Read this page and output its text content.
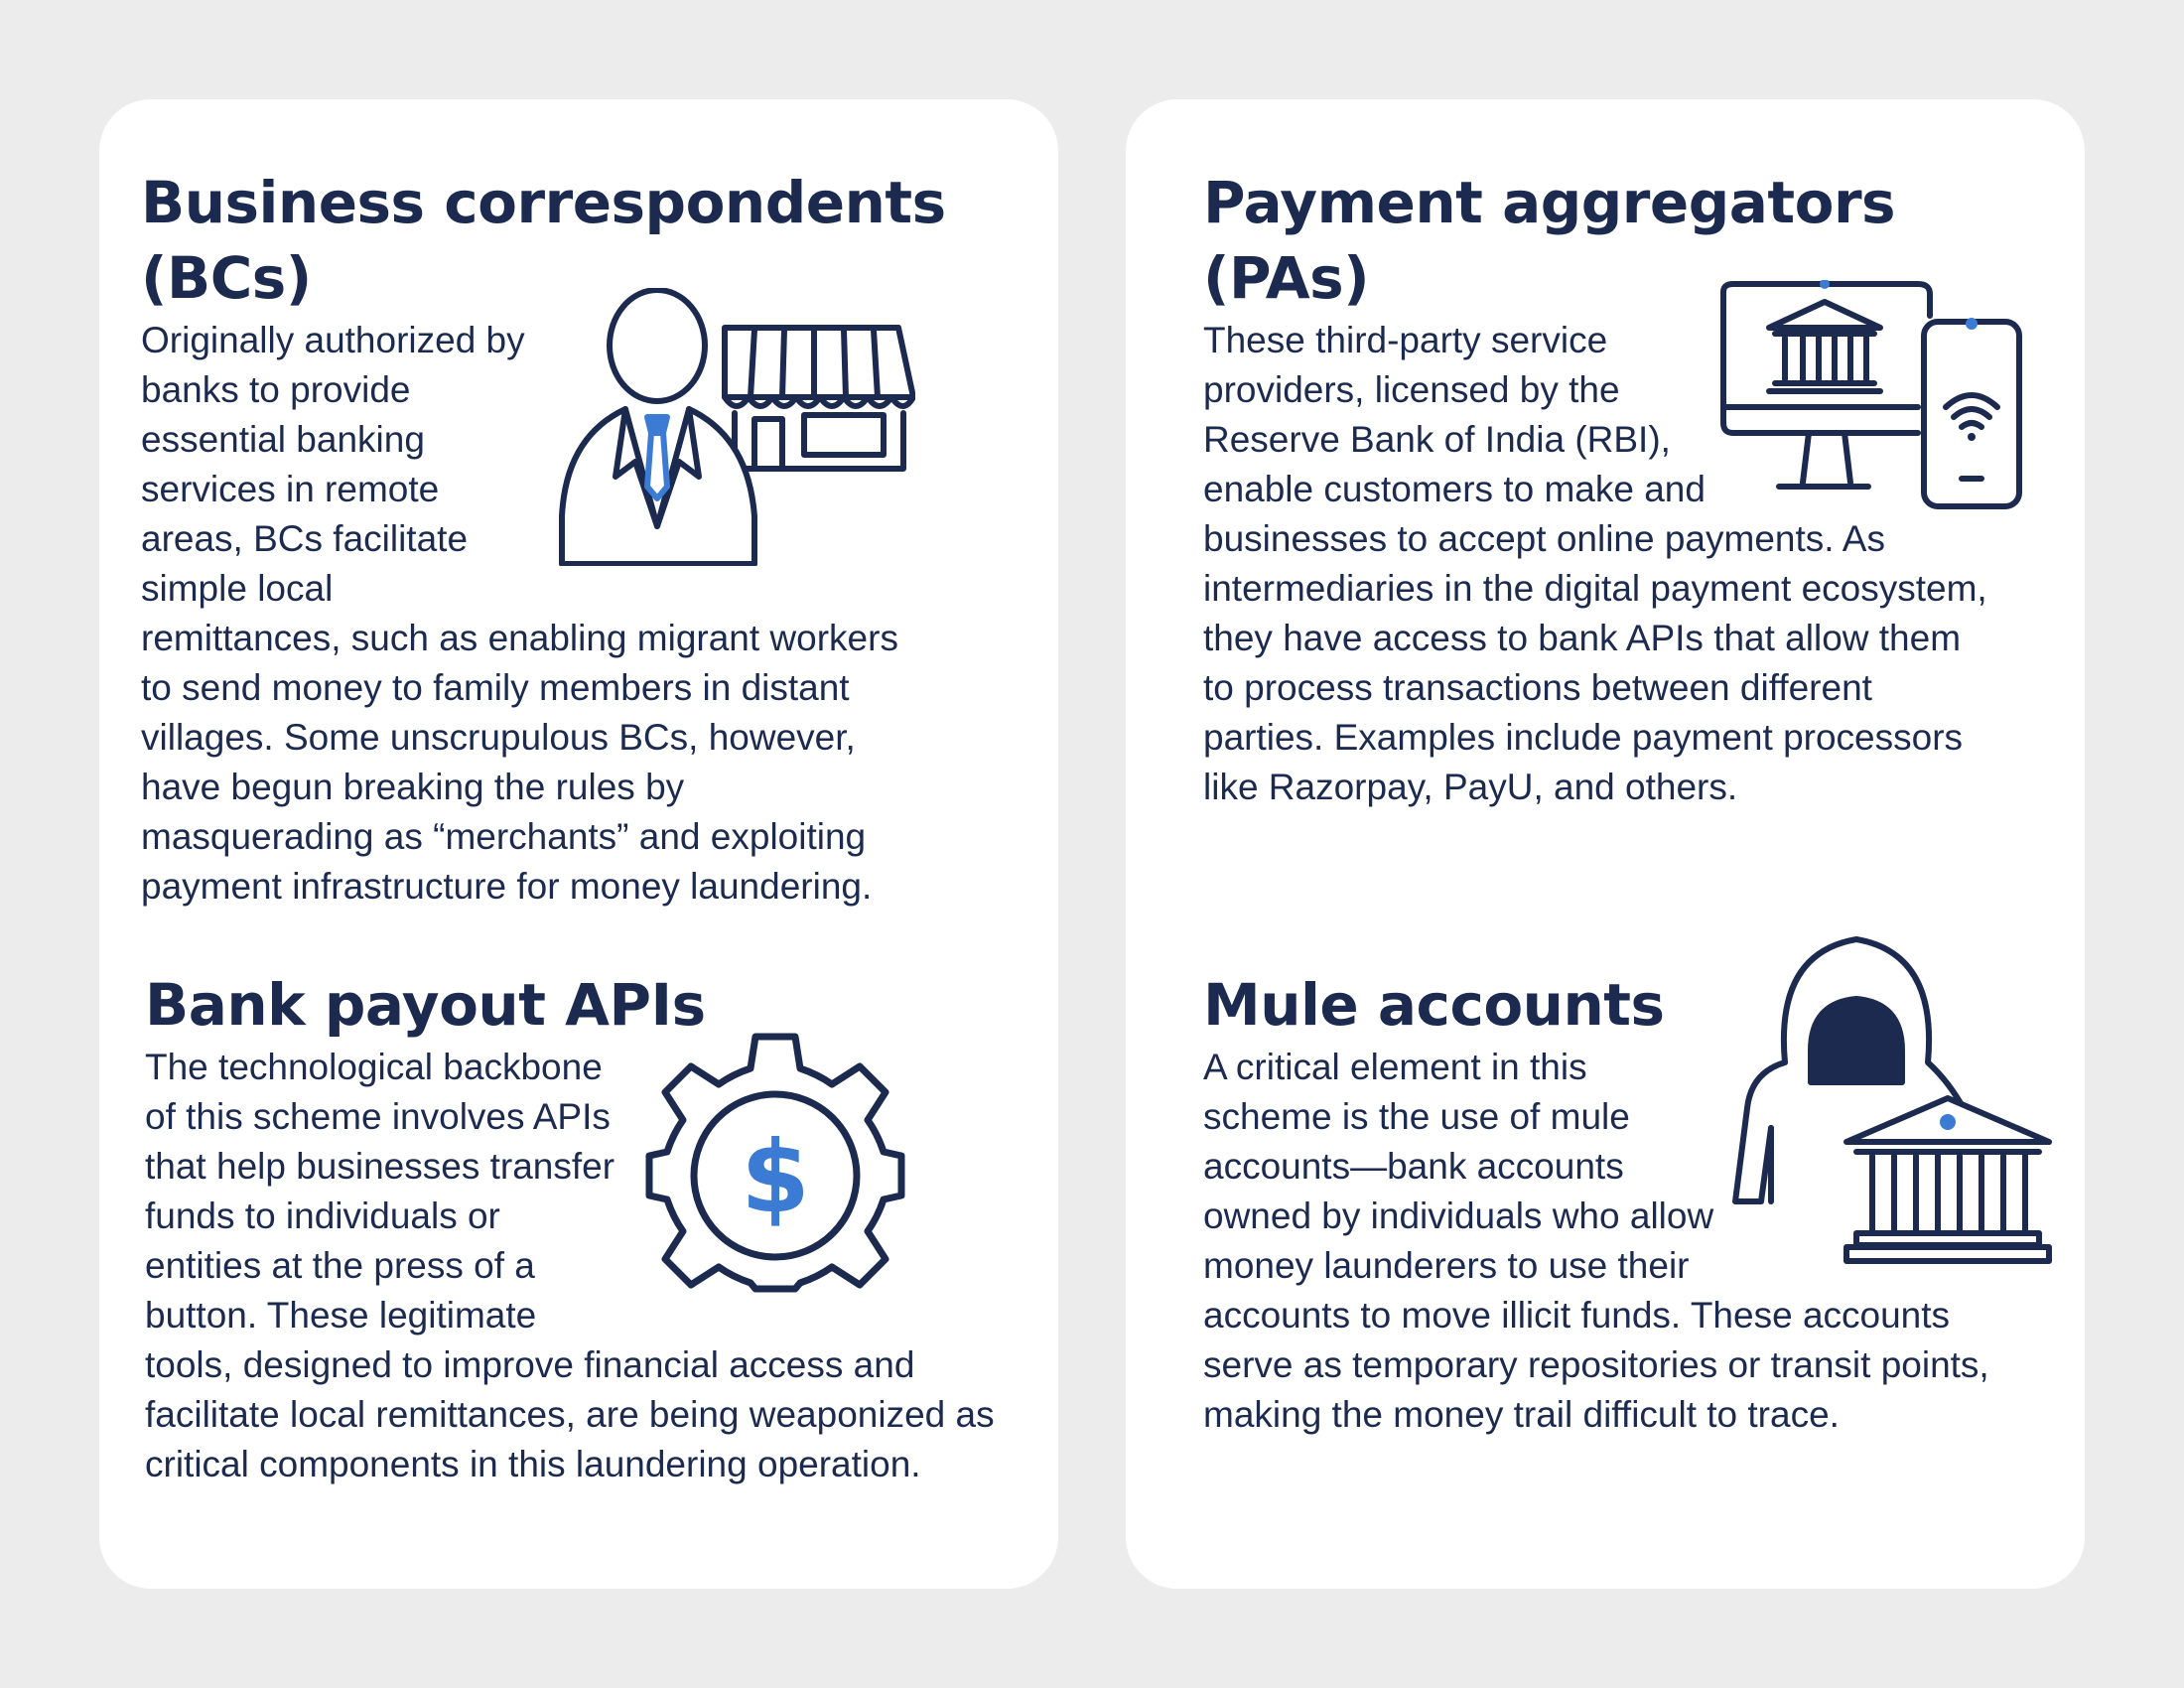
Business correspondents
(BCs)

Originally authorized by banks to provide essential banking services in remote areas, BCs facilitate simple local remittances, such as enabling migrant workers to send money to family members in distant villages. Some unscrupulous BCs, however, have begun breaking the rules by masquerading as “merchants” and exploiting payment infrastructure for money laundering.

Bank payout APIs
$

The technological backbone of this scheme involves APIs that help businesses transfer funds to individuals or entities at the press of a button. These legitimate tools, designed to improve financial access and facilitate local remittances, are being weaponized as critical components in this laundering operation.

Payment aggregators
(PAs)

These third-party service providers, licensed by the Reserve Bank of India (RBI), enable customers to make and businesses to accept online payments. As intermediaries in the digital payment ecosystem, they have access to bank APIs that allow them to process transactions between different parties. Examples include payment processors like Razorpay, PayU, and others.

Mule accounts

A critical element in this scheme is the use of mule accounts—bank accounts owned by individuals who allow money launderers to use their accounts to move illicit funds. These accounts serve as temporary repositories or transit points, making the money trail difficult to trace.
